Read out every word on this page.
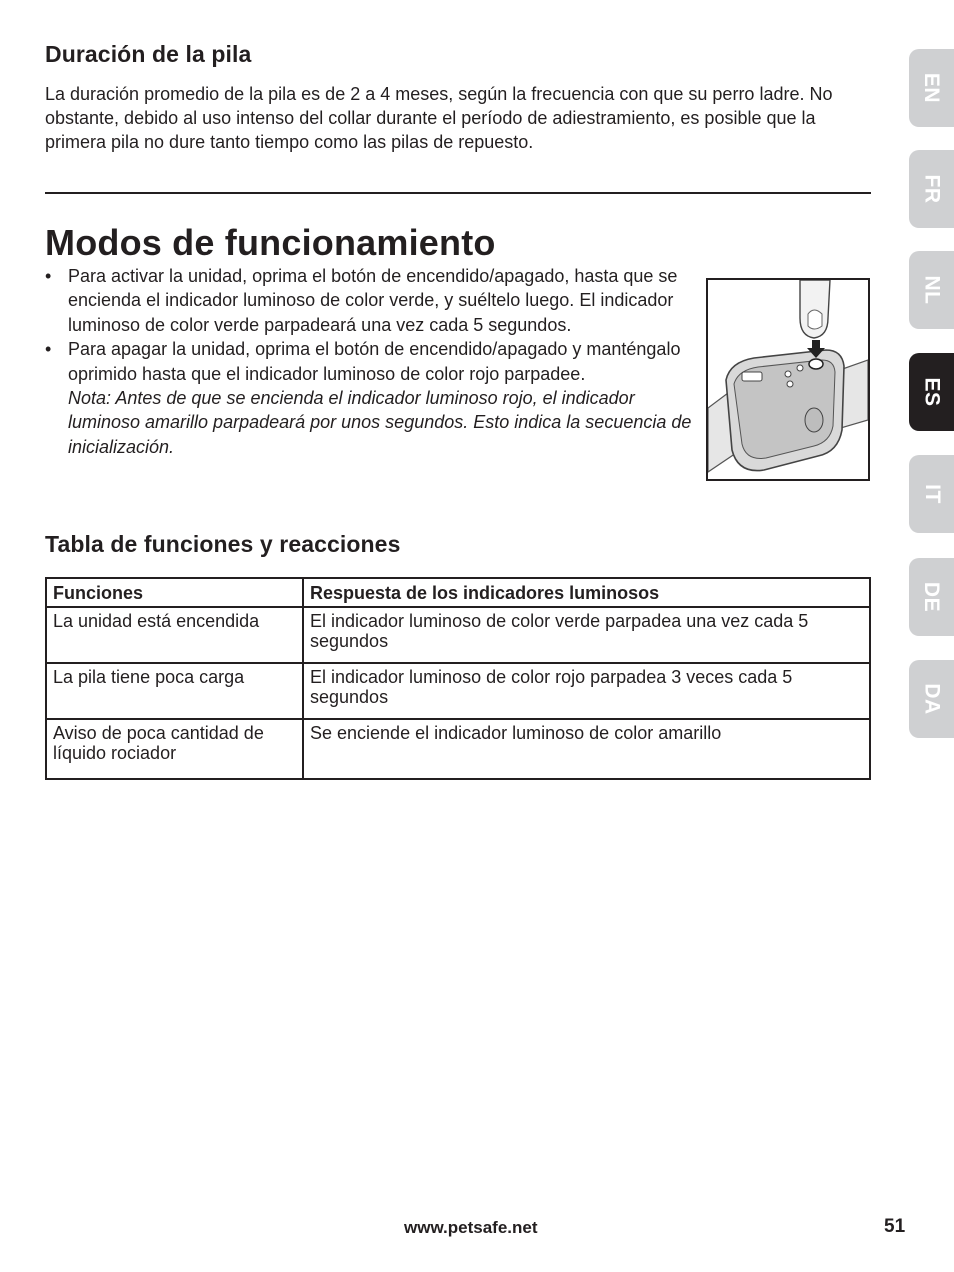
Duración de la pila
La duración promedio de la pila es de 2 a 4 meses, según la frecuencia con que su perro ladre. No obstante, debido al uso intenso del collar durante el período de adiestramiento, es posible que la primera pila no dure tanto tiempo como las pilas de repuesto.
Modos de funcionamiento
• Para activar la unidad, oprima el botón de encendido/apagado, hasta que se encienda el indicador luminoso de color verde, y suéltelo luego. El indicador luminoso de color verde parpadeará una vez cada 5 segundos.
• Para apagar la unidad, oprima el botón de encendido/apagado y manténgalo oprimido hasta que el indicador luminoso de color rojo parpadee.
Nota: Antes de que se encienda el indicador luminoso rojo, el indicador luminoso amarillo parpadeará por unos segundos. Esto indica la secuencia de inicialización.
Tabla de funciones y reacciones
Funciones	Respuesta de los indicadores luminosos
La unidad está encendida	El indicador luminoso de color verde parpadea una vez cada 5 segundos
La pila tiene poca carga	El indicador luminoso de color rojo parpadea 3 veces cada 5 segundos
Aviso de poca cantidad de líquido rociador	Se enciende el indicador luminoso de color amarillo
EN
FR
NL
ES
IT
DE
DA
www.petsafe.net	51
